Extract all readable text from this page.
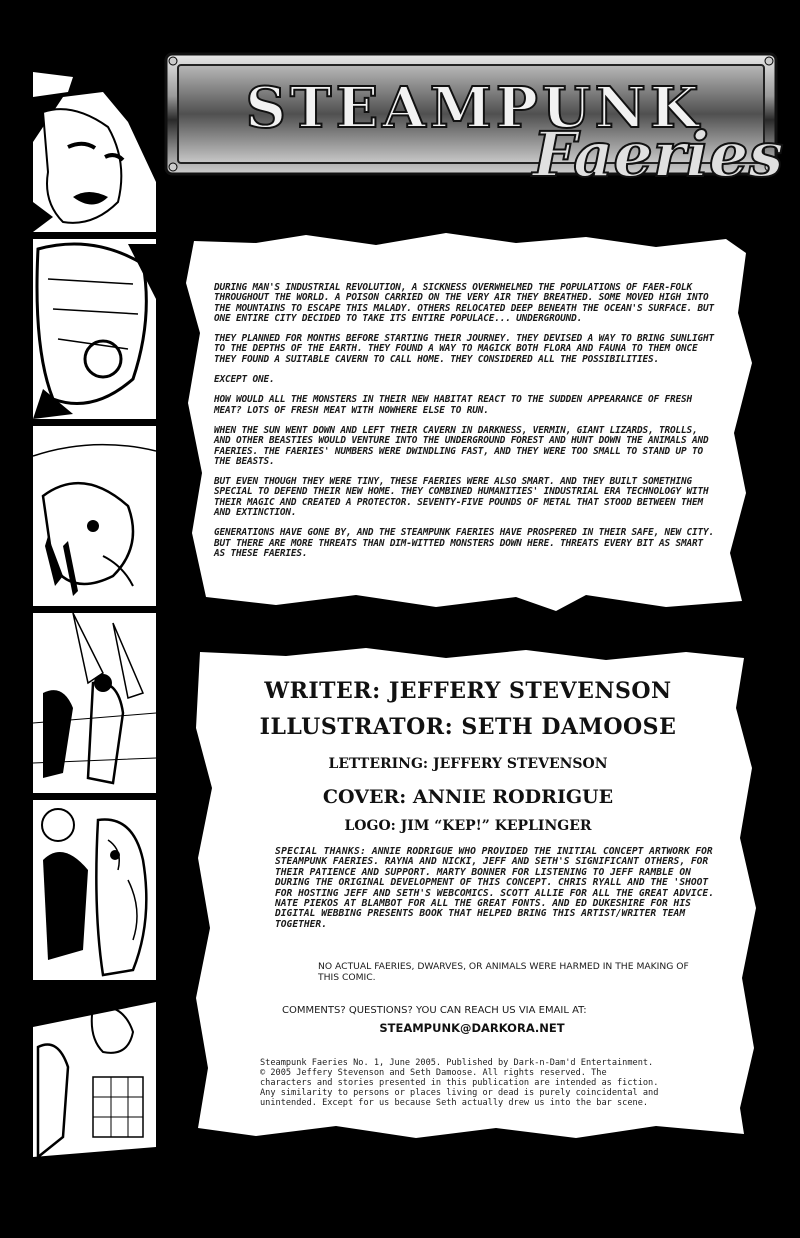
STEAMPUNK
Faeries

DURING MAN'S INDUSTRIAL REVOLUTION, A SICKNESS OVERWHELMED THE POPULATIONS OF FAER-FOLK THROUGHOUT THE WORLD. A POISON CARRIED ON THE VERY AIR THEY BREATHED. SOME MOVED HIGH INTO THE MOUNTAINS TO ESCAPE THIS MALADY. OTHERS RELOCATED DEEP BENEATH THE OCEAN'S SURFACE. BUT ONE ENTIRE CITY DECIDED TO TAKE ITS ENTIRE POPULACE... UNDERGROUND.

THEY PLANNED FOR MONTHS BEFORE STARTING THEIR JOURNEY. THEY DEVISED A WAY TO BRING SUNLIGHT TO THE DEPTHS OF THE EARTH. THEY FOUND A WAY TO MAGICK BOTH FLORA AND FAUNA TO THEM ONCE THEY FOUND A SUITABLE CAVERN TO CALL HOME. THEY CONSIDERED ALL THE POSSIBILITIES.

EXCEPT ONE.

HOW WOULD ALL THE MONSTERS IN THEIR NEW HABITAT REACT TO THE SUDDEN APPEARANCE OF FRESH MEAT? LOTS OF FRESH MEAT WITH NOWHERE ELSE TO RUN.

WHEN THE SUN WENT DOWN AND LEFT THEIR CAVERN IN DARKNESS, VERMIN, GIANT LIZARDS, TROLLS, AND OTHER BEASTIES WOULD VENTURE INTO THE UNDERGROUND FOREST AND HUNT DOWN THE ANIMALS AND FAERIES. THE FAERIES' NUMBERS WERE DWINDLING FAST, AND THEY WERE TOO SMALL TO STAND UP TO THE BEASTS.

BUT EVEN THOUGH THEY WERE TINY, THESE FAERIES WERE ALSO SMART. AND THEY BUILT SOMETHING SPECIAL TO DEFEND THEIR NEW HOME. THEY COMBINED HUMANITIES' INDUSTRIAL ERA TECHNOLOGY WITH THEIR MAGIC AND CREATED A PROTECTOR. SEVENTY-FIVE POUNDS OF METAL THAT STOOD BETWEEN THEM AND EXTINCTION.

GENERATIONS HAVE GONE BY, AND THE STEAMPUNK FAERIES HAVE PROSPERED IN THEIR SAFE, NEW CITY. BUT THERE ARE MORE THREATS THAN DIM-WITTED MONSTERS DOWN HERE. THREATS EVERY BIT AS SMART AS THESE FAERIES.

WRITER: JEFFERY STEVENSON
ILLUSTRATOR: SETH DAMOOSE
LETTERING: JEFFERY STEVENSON
COVER: ANNIE RODRIGUE
LOGO: JIM “KEP!” KEPLINGER
SPECIAL THANKS: ANNIE RODRIGUE WHO PROVIDED THE INITIAL CONCEPT ARTWORK FOR STEAMPUNK FAERIES. RAYNA AND NICKI, JEFF AND SETH'S SIGNIFICANT OTHERS, FOR THEIR PATIENCE AND SUPPORT. MARTY BONNER FOR LISTENING TO JEFF RAMBLE ON DURING THE ORIGINAL DEVELOPMENT OF THIS CONCEPT. CHRIS RYALL AND THE 'SHOOT FOR HOSTING JEFF AND SETH'S WEBCOMICS. SCOTT ALLIE FOR ALL THE GREAT ADVICE. NATE PIEKOS AT BLAMBOT FOR ALL THE GREAT FONTS. AND ED DUKESHIRE FOR HIS DIGITAL WEBBING PRESENTS BOOK THAT HELPED BRING THIS ARTIST/WRITER TEAM TOGETHER.
NO ACTUAL FAERIES, DWARVES, OR ANIMALS WERE HARMED IN THE MAKING OF THIS COMIC.
COMMENTS? QUESTIONS? YOU CAN REACH US VIA EMAIL AT:
STEAMPUNK@DARKORA.NET
Steampunk Faeries No. 1, June 2005. Published by Dark-n-Dam'd Entertainment.
© 2005 Jeffery Stevenson and Seth Damoose. All rights reserved. The
characters and stories presented in this publication are intended as fiction.
Any similarity to persons or places living or dead is purely coincidental and
unintended. Except for us because Seth actually drew us into the bar scene.
